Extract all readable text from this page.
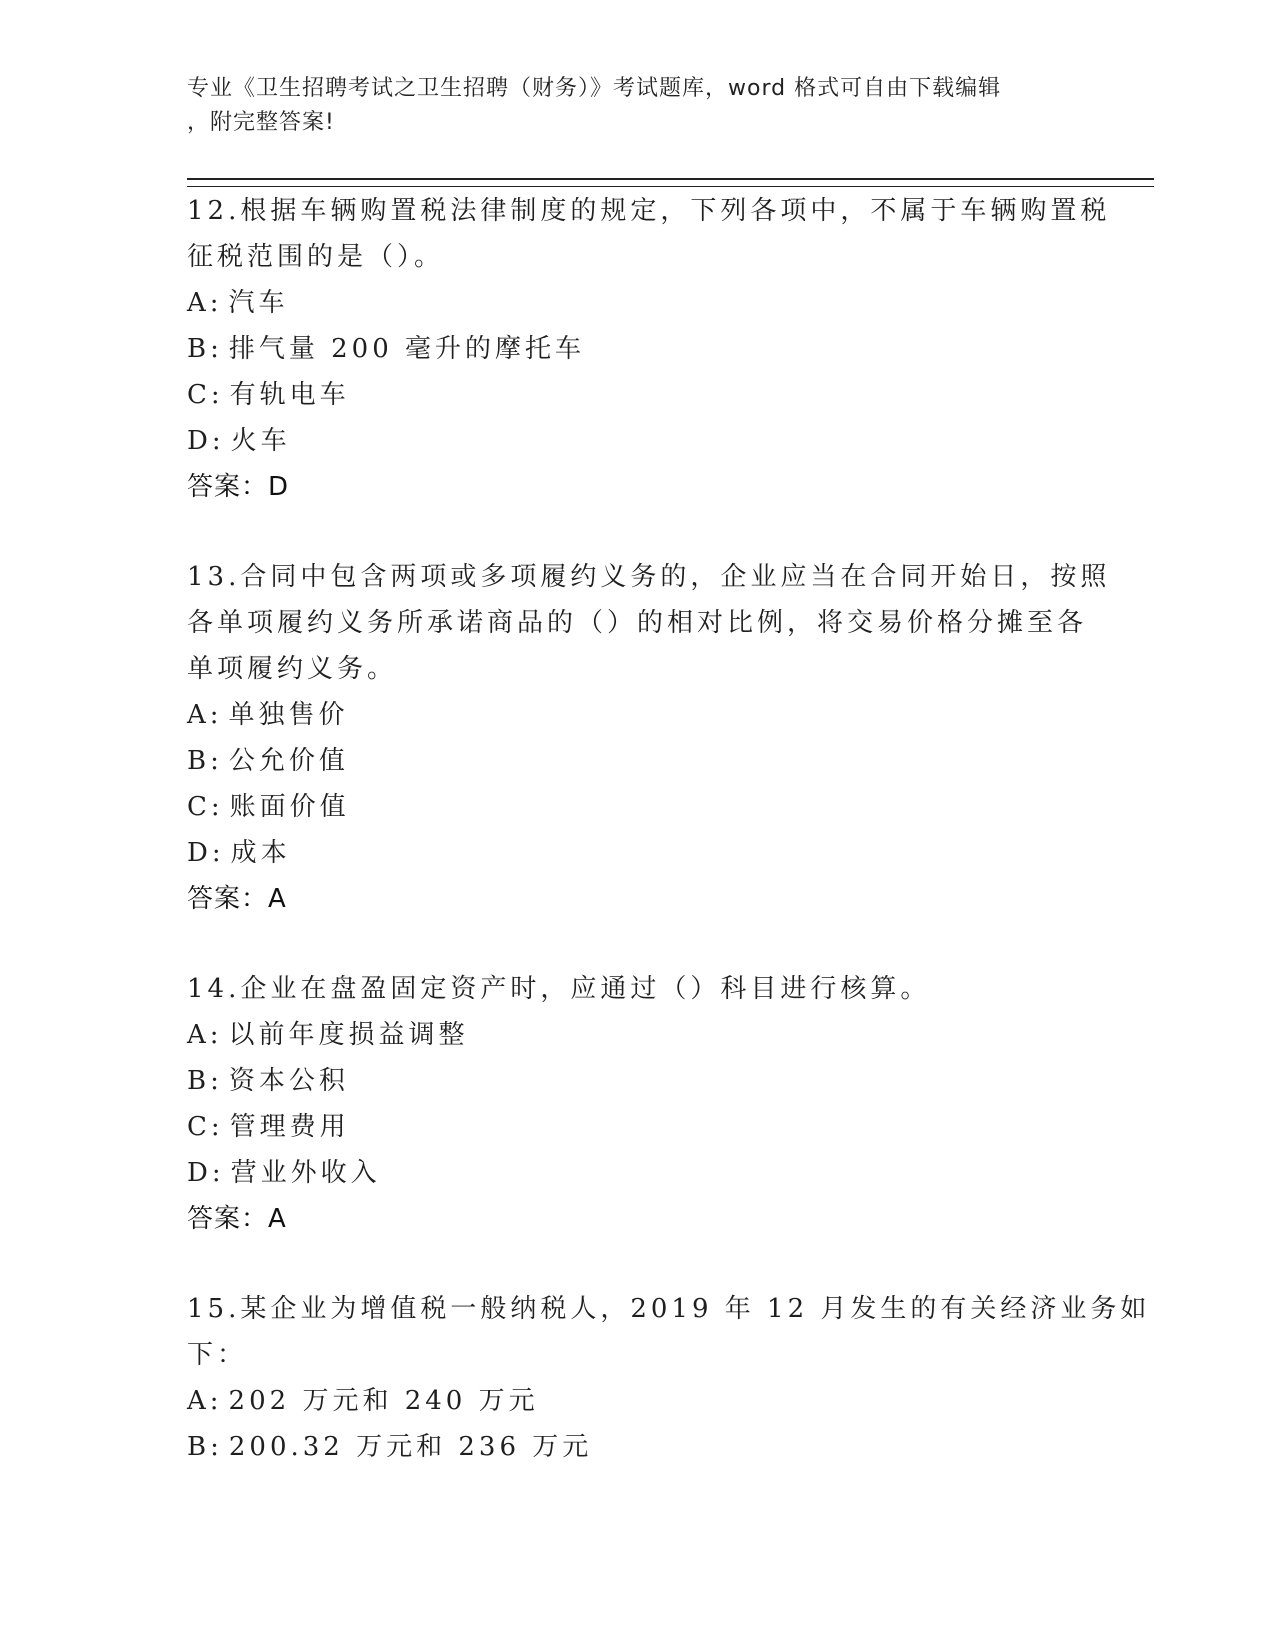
专业《卫生招聘考试之卫生招聘（财务）》考试题库，word 格式可自由下载编辑
，附完整答案!
12.根据车辆购置税法律制度的规定，下列各项中，不属于车辆购置税
征税范围的是（）。
A: 汽车
B: 排气量 200 毫升的摩托车
C: 有轨电车
D: 火车
答案：D
13.合同中包含两项或多项履约义务的，企业应当在合同开始日，按照
各单项履约义务所承诺商品的（）的相对比例，将交易价格分摊至各
单项履约义务。
A: 单独售价
B: 公允价值
C: 账面价值
D: 成本
答案：A
14.企业在盘盈固定资产时，应通过（）科目进行核算。
A: 以前年度损益调整
B: 资本公积
C: 管理费用
D: 营业外收入
答案：A
15.某企业为增值税一般纳税人，2019 年 12 月发生的有关经济业务如
下：
A: 202 万元和 240 万元
B: 200.32 万元和 236 万元
